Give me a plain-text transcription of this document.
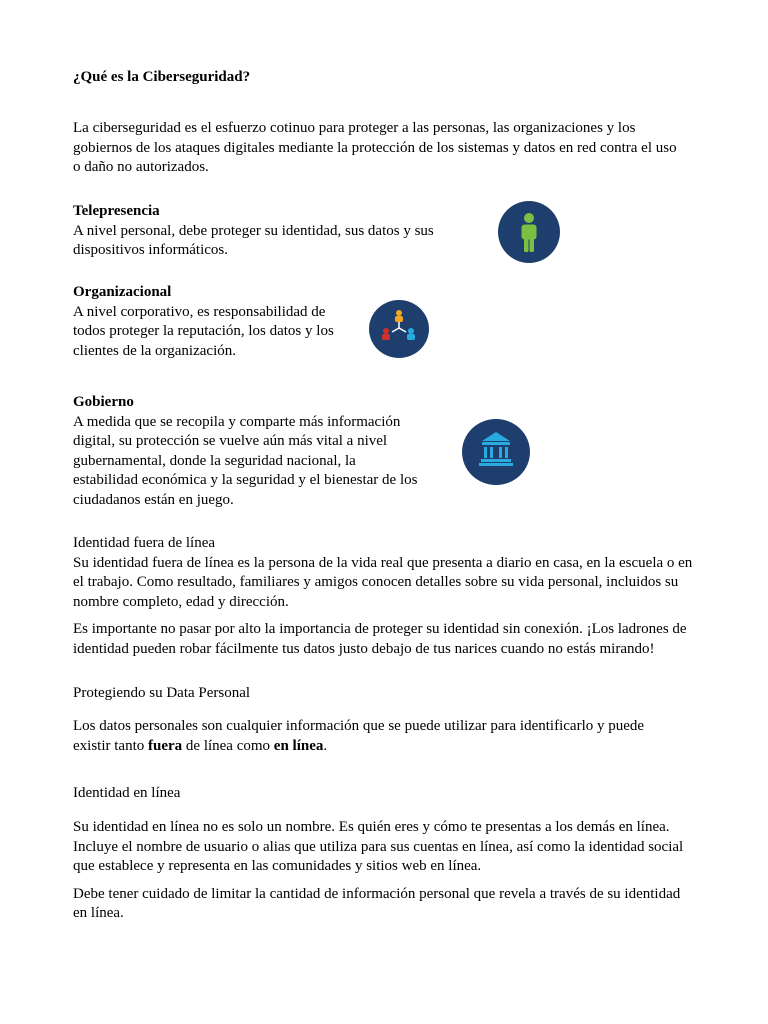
¿Qué es la Ciberseguridad?

La ciberseguridad es el esfuerzo cotinuo para proteger a las personas, las organizaciones y los gobiernos de los ataques digitales mediante la protección de los sistemas y datos en red contra el uso o daño no autorizados.

Telepresencia
A nivel personal, debe proteger su identidad, sus datos y sus dispositivos informáticos.
Organizacional
A nivel corporativo, es responsabilidad de todos proteger la reputación, los datos y los clientes de la organización.
Gobierno
A medida que se recopila y comparte más información digital, su protección se vuelve aún más vital a nivel gubernamental, donde la seguridad nacional, la estabilidad económica y la seguridad y el bienestar de los ciudadanos están en juego.
Identidad fuera de línea

Su identidad fuera de línea es la persona de la vida real que presenta a diario en casa, en la escuela o en el trabajo. Como resultado, familiares y amigos conocen detalles sobre su vida personal, incluidos su nombre completo, edad y dirección.

Es importante no pasar por alto la importancia de proteger su identidad sin conexión. ¡Los ladrones de identidad pueden robar fácilmente tus datos justo debajo de tus narices cuando no estás mirando!

Protegiendo su Data Personal

Los datos personales son cualquier información que se puede utilizar para identificarlo y puede existir tanto fuera de línea como en línea.

Identidad en línea

Su identidad en línea no es solo un nombre. Es quién eres y cómo te presentas a los demás en línea. Incluye el nombre de usuario o alias que utiliza para sus cuentas en línea, así como la identidad social que establece y representa en las comunidades y sitios web en línea.

Debe tener cuidado de limitar la cantidad de información personal que revela a través de su identidad en línea.
